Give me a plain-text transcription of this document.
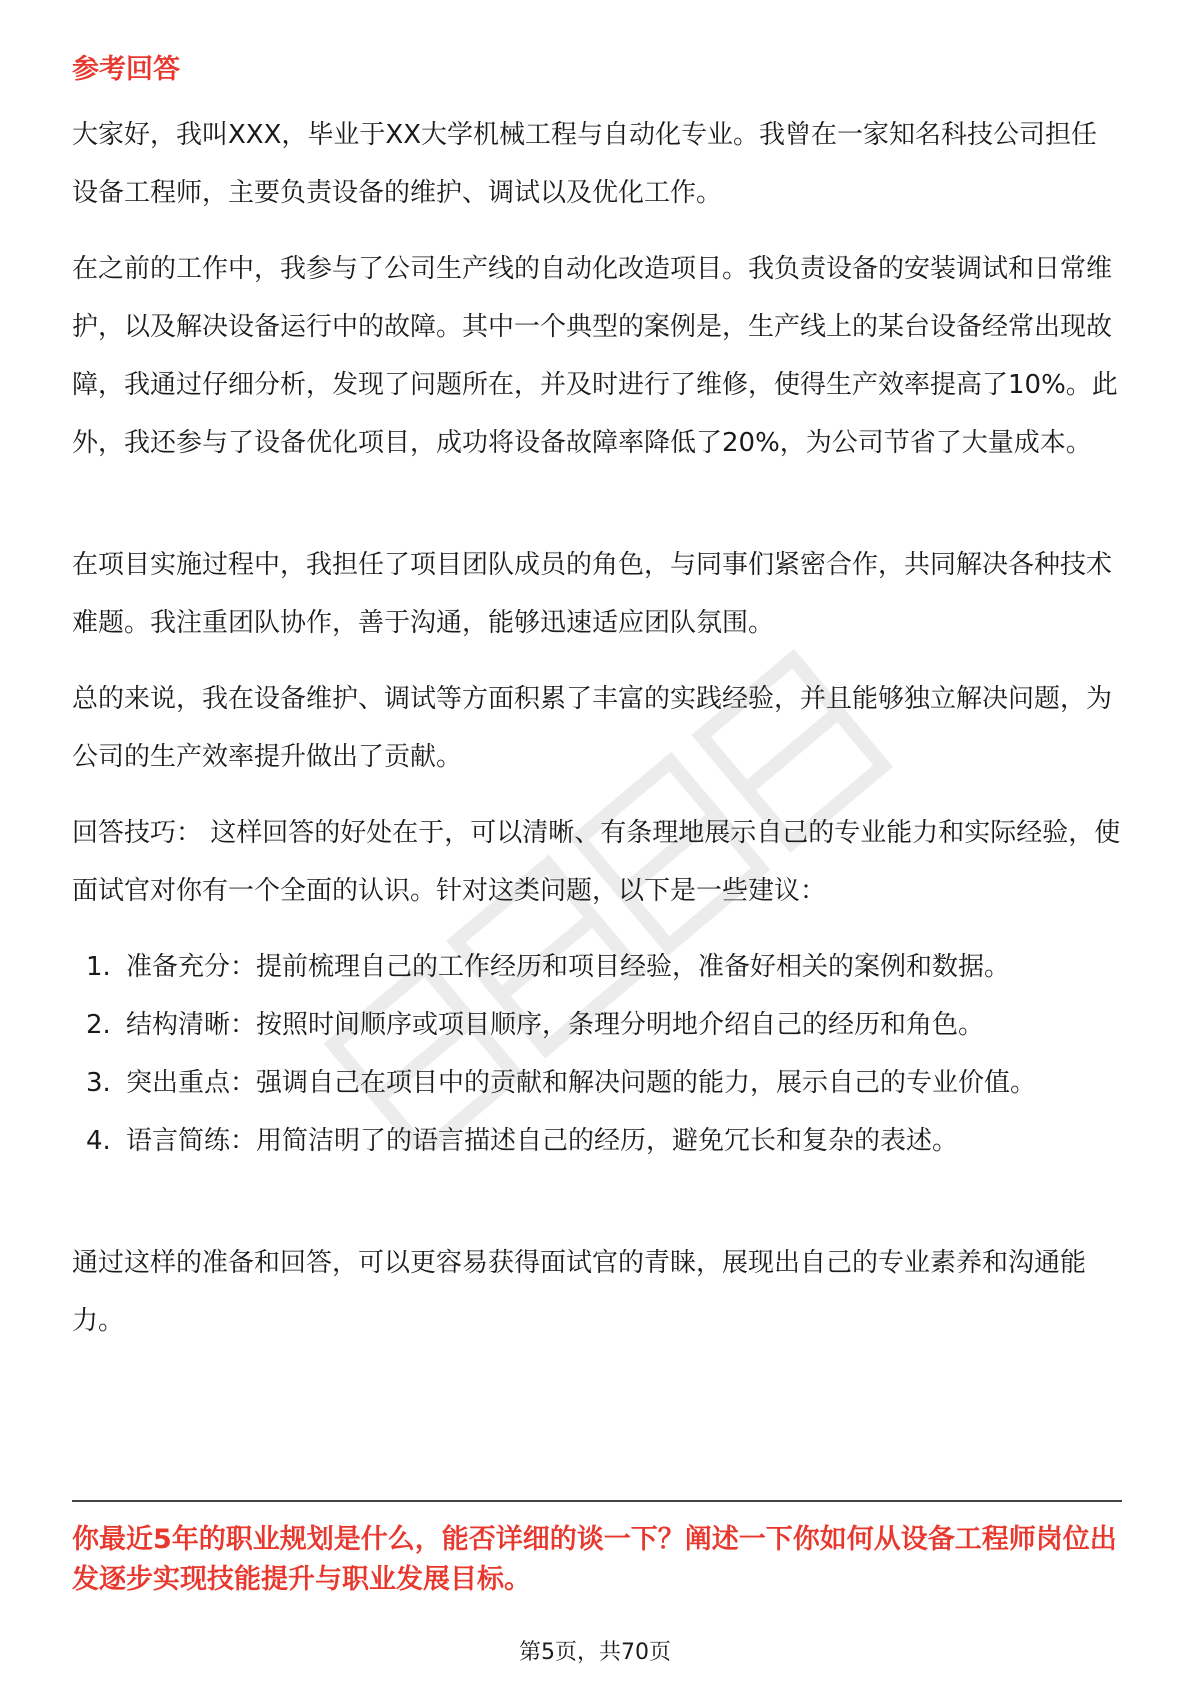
参考回答

大家好，我叫XXX，毕业于XX大学机械工程与自动化专业。我曾在一家知名科技公司担任设备工程师，主要负责设备的维护、调试以及优化工作。

在之前的工作中，我参与了公司生产线的自动化改造项目。我负责设备的安装调试和日常维护，以及解决设备运行中的故障。其中一个典型的案例是，生产线上的某台设备经常出现故障，我通过仔细分析，发现了问题所在，并及时进行了维修，使得生产效率提高了10%。此外，我还参与了设备优化项目，成功将设备故障率降低了20%，为公司节省了大量成本。

在项目实施过程中，我担任了项目团队成员的角色，与同事们紧密合作，共同解决各种技术难题。我注重团队协作，善于沟通，能够迅速适应团队氛围。

总的来说，我在设备维护、调试等方面积累了丰富的实践经验，并且能够独立解决问题，为公司的生产效率提升做出了贡献。

回答技巧： 这样回答的好处在于，可以清晰、有条理地展示自己的专业能力和实际经验，使面试官对你有一个全面的认识。针对这类问题，以下是一些建议：

1. 准备充分：提前梳理自己的工作经历和项目经验，准备好相关的案例和数据。
2. 结构清晰：按照时间顺序或项目顺序，条理分明地介绍自己的经历和角色。
3. 突出重点：强调自己在项目中的贡献和解决问题的能力，展示自己的专业价值。
4. 语言简练：用简洁明了的语言描述自己的经历，避免冗长和复杂的表述。

通过这样的准备和回答，可以更容易获得面试官的青睐，展现出自己的专业素养和沟通能力。

你最近5年的职业规划是什么，能否详细的谈一下？阐述一下你如何从设备工程师岗位出发逐步实现技能提升与职业发展目标。
第5页，共70页
